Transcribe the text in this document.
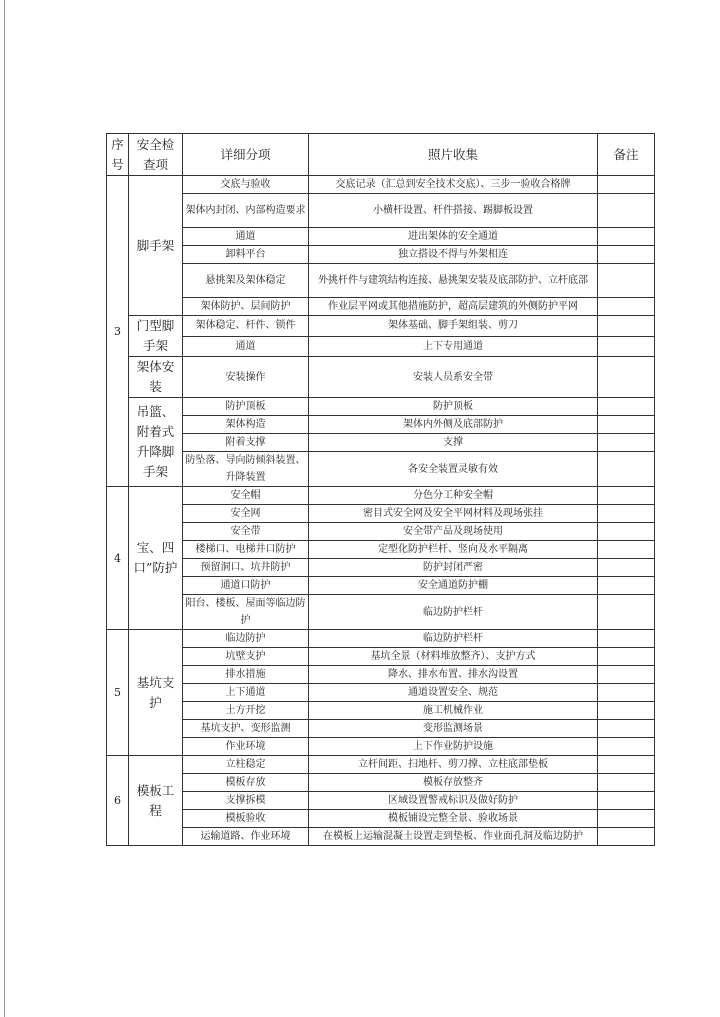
序号	安全检查项	详细分项	照片收集	备注
3	脚手架	交底与验收	交底记录（汇总到安全技术交底）、三步一验收合格牌	
		架体内封闭、内部构造要求	小横杆设置、杆件搭接、踢脚板设置	
		通道	进出架体的安全通道	
		卸料平台	独立搭设不得与外架相连	
		悬挑架及架体稳定	外挑杆件与建筑结构连接、悬挑架安装及底部防护、立杆底部	
		架体防护、层间防护	作业层平网或其他措施防护，超高层建筑的外侧防护平网	
	门型脚手架	架体稳定、杆件、锁件	架体基础、脚手架组装、剪刀	
		通道	上下专用通道	
	架体安装	安装操作	安装人员系安全带	
	吊篮、附着式升降脚手架	防护顶板	防护顶板	
		架体构造	架体内外侧及底部防护	
		附着支撑	支撑	
		防坠落、导向防倾斜装置、升降装置	各安全装置灵敏有效	
4	宝、四口”防护	安全帽	分色分工种安全帽	
		安全网	密目式安全网及安全平网材料及现场张挂	
		安全带	安全带产品及现场使用	
		楼梯口、电梯井口防护	定型化防护栏杆、竖向及水平隔离	
		预留洞口、坑井防护	防护封闭严密	
		通道口防护	安全通道防护棚	
		阳台、楼板、屋面等临边防护	临边防护栏杆	
5	基坑支护	临边防护	临边防护栏杆	
		坑壁支护	基坑全景（材料堆放整齐）、支护方式	
		排水措施	降水、排水布置、排水沟设置	
		上下通道	通道设置安全、规范	
		土方开挖	施工机械作业	
		基坑支护、变形监测	变形监测场景	
		作业环境	上下作业防护设施	
6	模板工程	立柱稳定	立杆间距、扫地杆、剪刀撑、立柱底部垫板	
		模板存放	模板存放整齐	
		支撑拆模	区域设置警戒标识及做好防护	
		模板验收	模板铺设完整全景、验收场景	
		运输道路、作业环境	在模板上运输混凝土设置走到垫板、作业面孔洞及临边防护	
